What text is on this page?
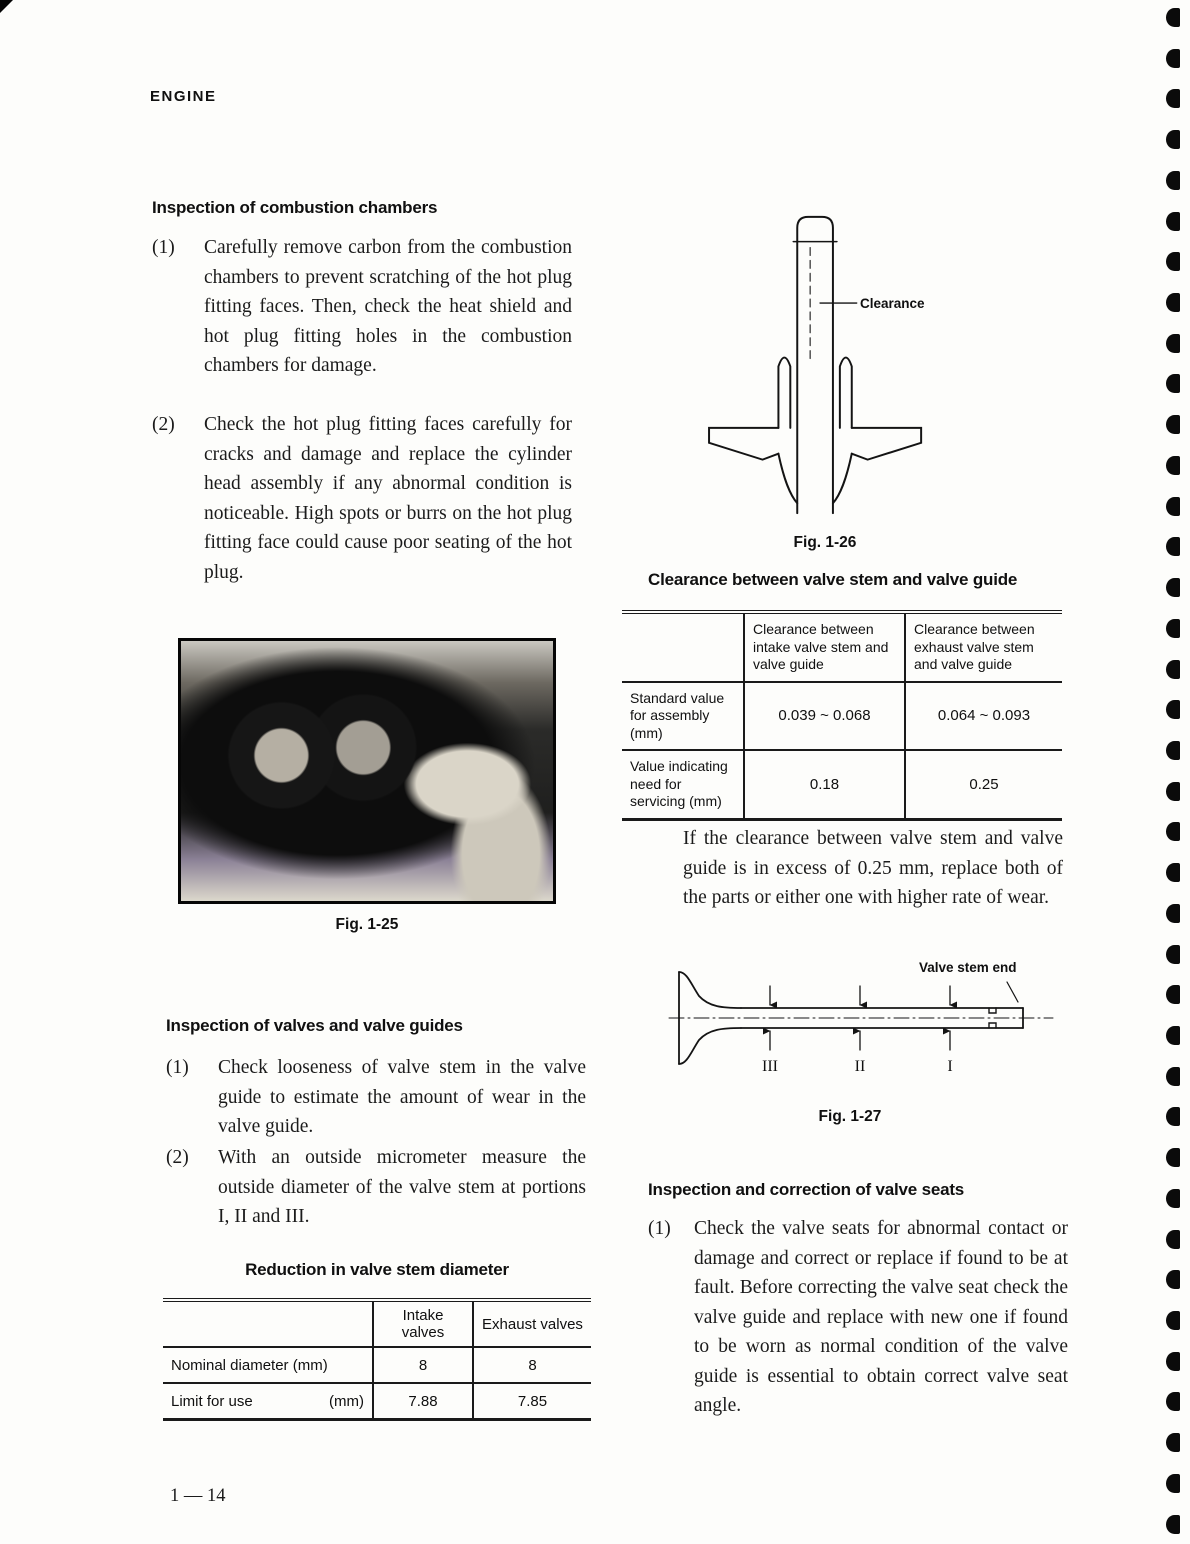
ENGINE
Inspection of combustion chambers
(1)	Carefully remove carbon from the combustion chambers to prevent scratching of the hot plug fitting faces. Then, check the heat shield and hot plug fitting holes in the combustion chambers for damage.
(2)	Check the hot plug fitting faces carefully for cracks and damage and replace the cylinder head assembly if any abnormal condition is noticeable. High spots or burrs on the hot plug fitting face could cause poor seating of the hot plug.
Fig. 1-25
Inspection of valves and valve guides
(1)	Check looseness of valve stem in the valve guide to estimate the amount of wear in the valve guide.
(2)	With an outside micrometer measure the outside diameter of the valve stem at portions I, II and III.
Reduction in valve stem diameter
	Intake valves	Exhaust valves
Nominal diameter (mm)	8	8

Limit for use (mm)	7.88	7.85
1 — 14
Clearance
Fig. 1-26
Clearance between valve stem and valve guide
	Clearance between intake valve stem and valve guide	Clearance between exhaust valve stem and valve guide
Standard value for assembly (mm)	0.039 ~ 0.068	0.064 ~ 0.093
Value indicating need for servicing (mm)	0.18	0.25
If the clearance between valve stem and valve guide is in excess of 0.25 mm, replace both of the parts or either one with higher rate of wear.
Valve stem end
III	II	I
Fig. 1-27
Inspection and correction of valve seats
(1)	Check the valve seats for abnormal contact or damage and correct or replace if found to be at fault. Before correcting the valve seat check the valve guide and replace with new one if found to be worn as normal condition of the valve guide is essential to obtain correct valve seat angle.
